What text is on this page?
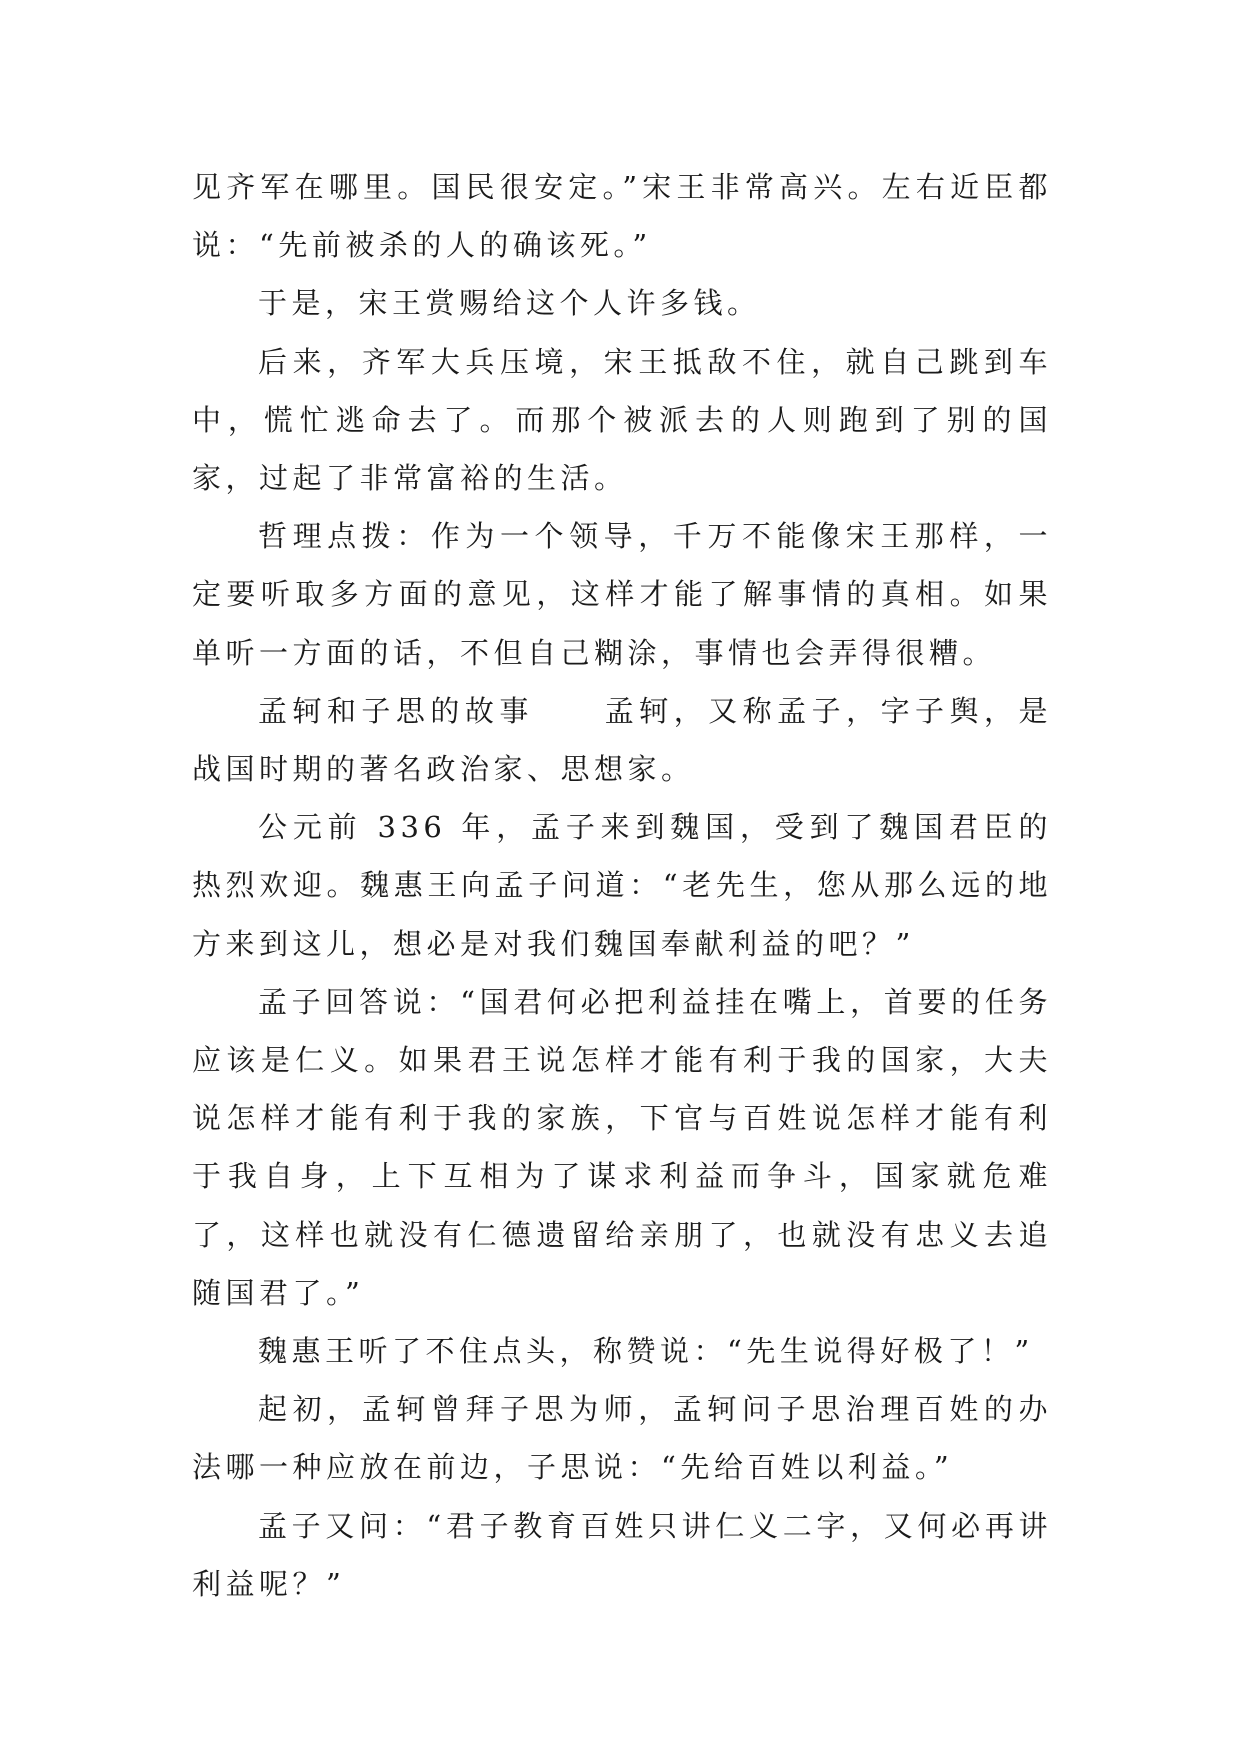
见齐军在哪里。国民很安定。”宋王非常高兴。左右近臣都说：“先前被杀的人的确该死。”

于是，宋王赏赐给这个人许多钱。

后来，齐军大兵压境，宋王抵敌不住，就自己跳到车中，慌忙逃命去了。而那个被派去的人则跑到了别的国家，过起了非常富裕的生活。

哲理点拨：作为一个领导，千万不能像宋王那样，一定要听取多方面的意见，这样才能了解事情的真相。如果单听一方面的话，不但自己糊涂，事情也会弄得很糟。

孟轲和子思的故事 孟轲，又称孟子，字子舆，是战国时期的著名政治家、思想家。

公元前 336 年，孟子来到魏国，受到了魏国君臣的热烈欢迎。魏惠王向孟子问道：“老先生，您从那么远的地方来到这儿，想必是对我们魏国奉献利益的吧？”

孟子回答说：“国君何必把利益挂在嘴上，首要的任务应该是仁义。如果君王说怎样才能有利于我的国家，大夫说怎样才能有利于我的家族，下官与百姓说怎样才能有利于我自身，上下互相为了谋求利益而争斗，国家就危难了，这样也就没有仁德遗留给亲朋了，也就没有忠义去追随国君了。”

魏惠王听了不住点头，称赞说：“先生说得好极了！”

起初，孟轲曾拜子思为师，孟轲问子思治理百姓的办法哪一种应放在前边，子思说：“先给百姓以利益。”

孟子又问：“君子教育百姓只讲仁义二字，又何必再讲利益呢？”
